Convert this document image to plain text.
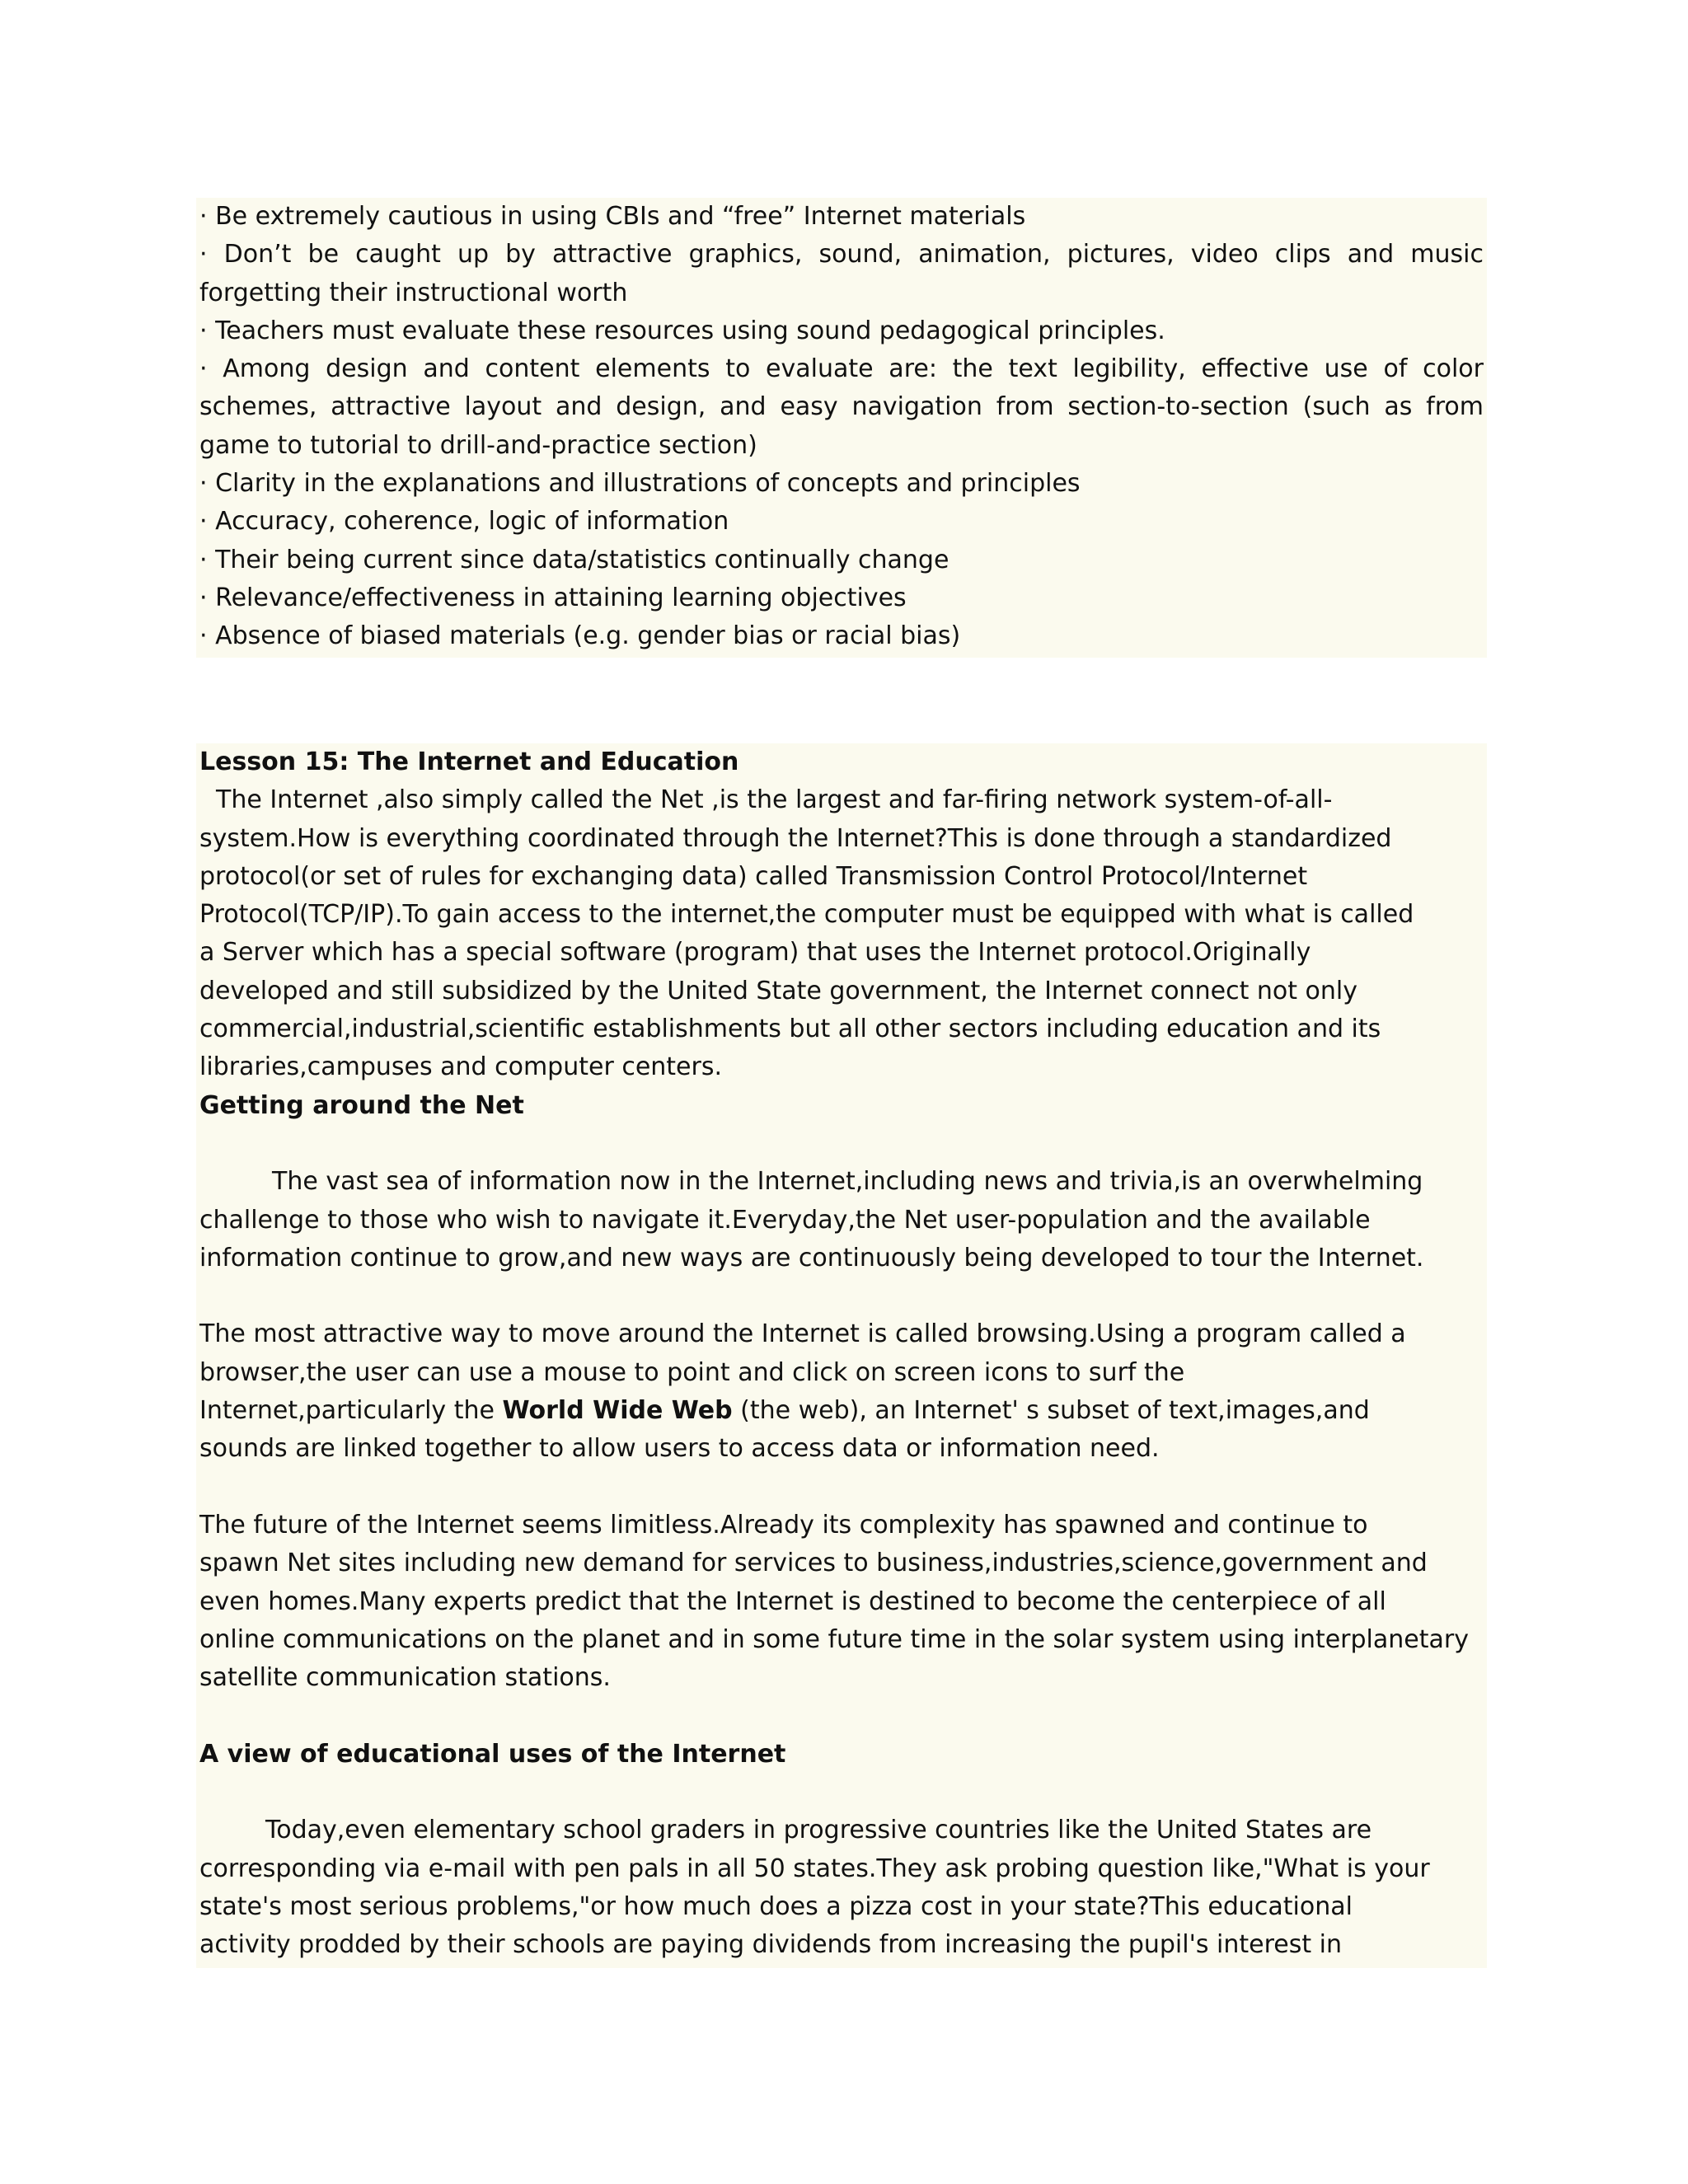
· Be extremely cautious in using CBIs and “free” Internet materials
· Don’t be caught up by attractive graphics, sound, animation, pictures, video clips and music
forgetting their instructional worth
· Teachers must evaluate these resources using sound pedagogical principles.
· Among design and content elements to evaluate are: the text legibility, effective use of color
schemes, attractive layout and design, and easy navigation from section-to-section (such as from
game to tutorial to drill-and-practice section)
· Clarity in the explanations and illustrations of concepts and principles
· Accuracy, coherence, logic of information
· Their being current since data/statistics continually change
· Relevance/effectiveness in attaining learning objectives
· Absence of biased materials (e.g. gender bias or racial bias)
Lesson 15: The Internet and Education
The Internet ,also simply called the Net ,is the largest and far-firing network system-of-all-
system.How is everything coordinated through the Internet?This is done through a standardized
protocol(or set of rules for exchanging data) called Transmission Control Protocol/Internet
Protocol(TCP/IP).To gain access to the internet,the computer must be equipped with what is called
a Server which has a special software (program) that uses the Internet protocol.Originally
developed and still subsidized by the United State government, the Internet connect not only
commercial,industrial,scientific establishments but all other sectors including education and its
libraries,campuses and computer centers.
Getting around the Net
The vast sea of information now in the Internet,including news and trivia,is an overwhelming
challenge to those who wish to navigate it.Everyday,the Net user-population and the available
information continue to grow,and new ways are continuously being developed to tour the Internet.
The most attractive way to move around the Internet is called browsing.Using a program called a
browser,the user can use a mouse to point and click on screen icons to surf the
Internet,particularly the World Wide Web (the web), an Internet' s subset of text,images,and
sounds are linked together to allow users to access data or information need.
The future of the Internet seems limitless.Already its complexity has spawned and continue to
spawn Net sites including new demand for services to business,industries,science,government and
even homes.Many experts predict that the Internet is destined to become the centerpiece of all
online communications on the planet and in some future time in the solar system using interplanetary
satellite communication stations.
A view of educational uses of the Internet
Today,even elementary school graders in progressive countries like the United States are
corresponding via e-mail with pen pals in all 50 states.They ask probing question like,"What is your
state's most serious problems,"or how much does a pizza cost in your state?This educational
activity prodded by their schools are paying dividends from increasing the pupil's interest in
